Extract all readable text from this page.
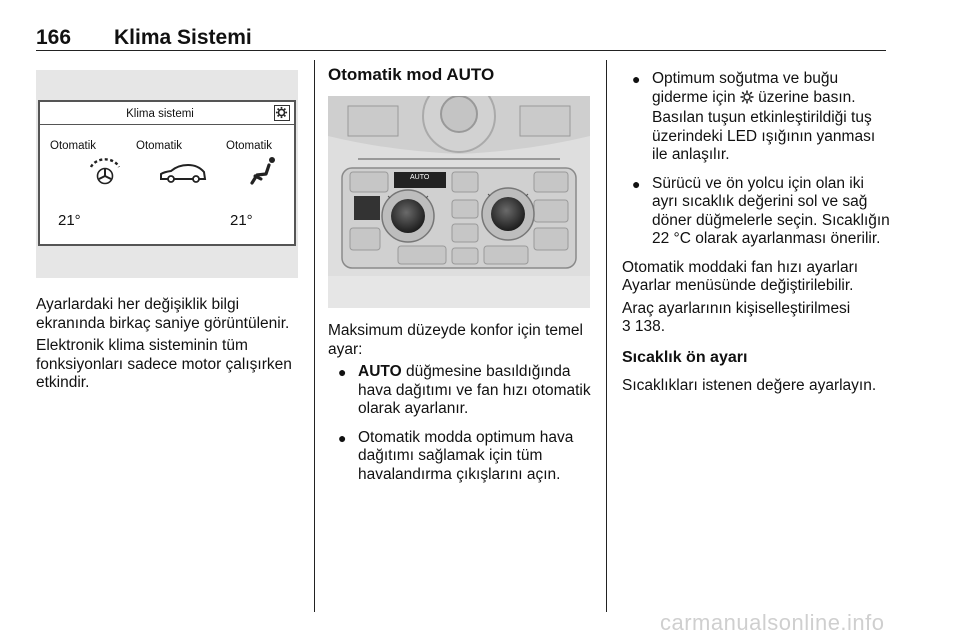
166 Klima Sistemi
Klima sistemi
Otomatik	Otomatik	Otomatik
21°	21°

Ayarlardaki her değişiklik bilgi ekranında birkaç saniye görüntülenir.

Elektronik klima sisteminin tüm fonksiyonları sadece motor çalışırken etkindir.

Otomatik mod AUTO
AUTO

Maksimum düzeyde konfor için temel ayar:

● AUTO düğmesine basıldığında hava dağıtımı ve fan hızı otomatik olarak ayarlanır.
● Otomatik modda optimum hava dağıtımı sağlamak için tüm havalandırma çıkışlarını açın.
● Optimum soğutma ve buğu giderme için  üzerine basın. Basılan tuşun etkinleştirildiği tuş üzerindeki LED ışığının yanması ile anlaşılır.
● Sürücü ve ön yolcu için olan iki ayrı sıcaklık değerini sol ve sağ döner düğmelerle seçin. Sıcaklığın 22 °C olarak ayarlanması önerilir.

Otomatik moddaki fan hızı ayarları Ayarlar menüsünde değiştirilebilir.

Araç ayarlarının kişiselleştirilmesi
3 138.

Sıcaklık ön ayarı

Sıcaklıkları istenen değere ayarlayın.

carmanualsonline.info
